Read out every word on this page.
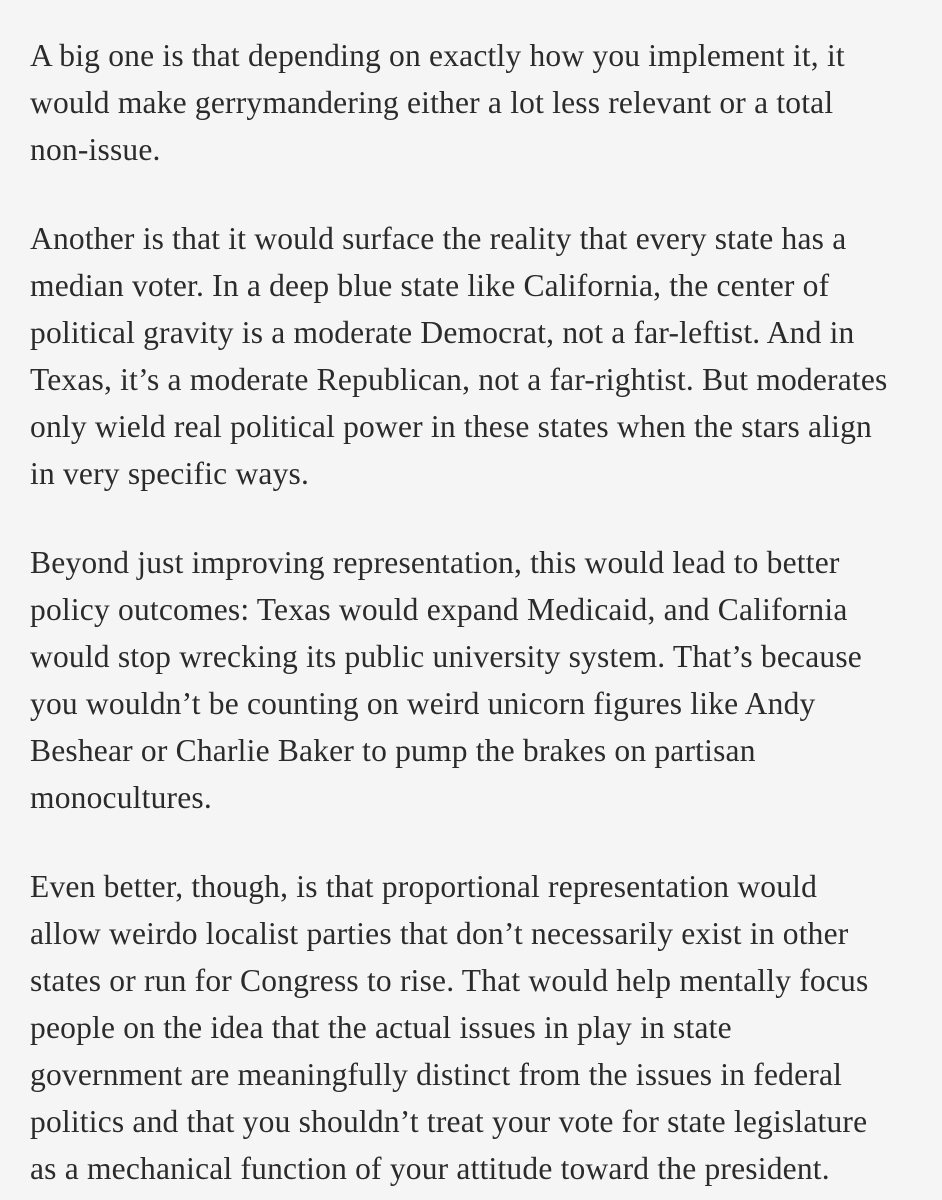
A big one is that depending on exactly how you implement it, it
would make gerrymandering either a lot less relevant or a total
non-issue.

Another is that it would surface the reality that every state has a
median voter. In a deep blue state like California, the center of
political gravity is a moderate Democrat, not a far-leftist. And in
Texas, it’s a moderate Republican, not a far-rightist. But moderates
only wield real political power in these states when the stars align
in very specific ways.

Beyond just improving representation, this would lead to better
policy outcomes: Texas would expand Medicaid, and California
would stop wrecking its public university system. That’s because
you wouldn’t be counting on weird unicorn figures like Andy
Beshear or Charlie Baker to pump the brakes on partisan
monocultures.

Even better, though, is that proportional representation would
allow weirdo localist parties that don’t necessarily exist in other
states or run for Congress to rise. That would help mentally focus
people on the idea that the actual issues in play in state
government are meaningfully distinct from the issues in federal
politics and that you shouldn’t treat your vote for state legislature
as a mechanical function of your attitude toward the president.
